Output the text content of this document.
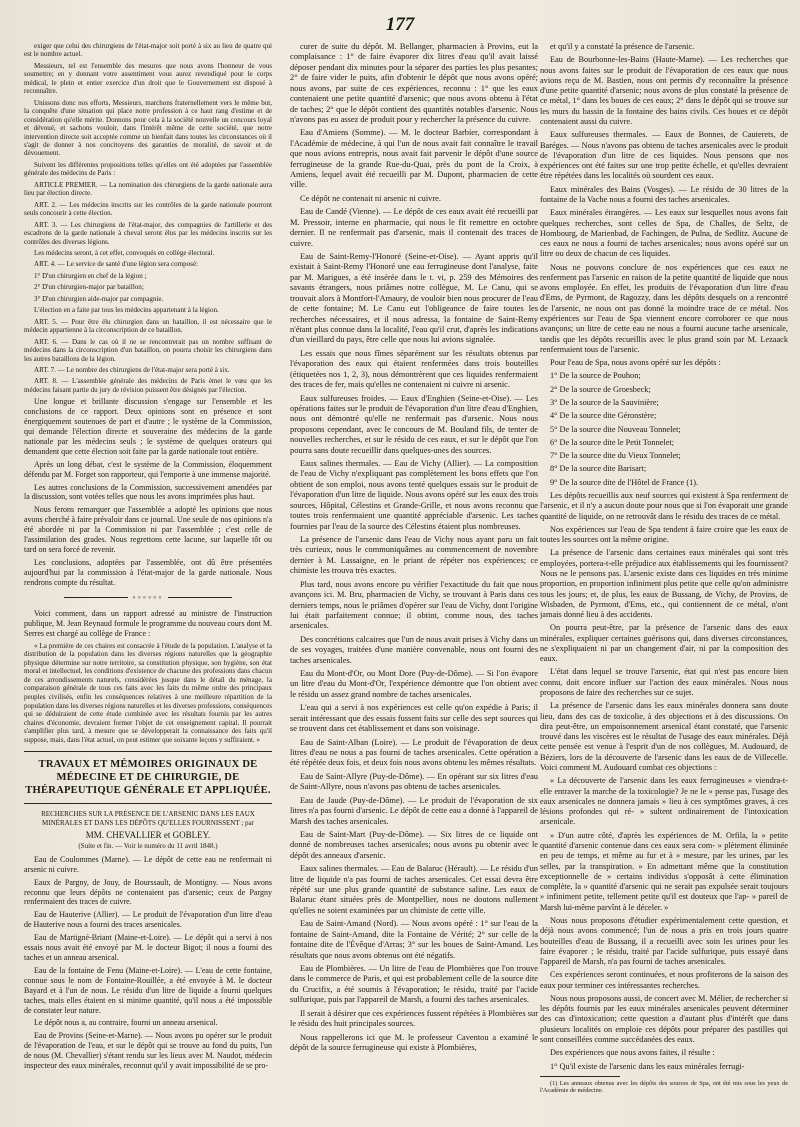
177

exiger que celui des chirurgiens de l'état-major soit porté à six au lieu de quatre qui est le nombre actuel.

Messieurs, tel est l'ensemble des mesures que nous avons l'honneur de vous soumettre; en y donnant votre assentiment vous aurez revendiqué pour le corps médical, le plein et entier exercice d'un droit que le Gouvernement est disposé à reconnaître.

Unissons donc nos efforts, Messieurs, marchons fraternellement vers le même but, la conquête d'une situation qui place notre profession à ce haut rang d'estime et de considération qu'elle mérite. Donnons pour cela à la société nouvelle un concours loyal et dévoué, et sachons vouloir, dans l'intérêt même de cette société, que notre intervention directe soit acceptée comme un bienfait dans toutes les circonstances où il s'agit de donner à nos concitoyens des garanties de moralité, de savoir et de dévouement.

Suivent les différentes propositions telles qu'elles ont été adoptées par l'assemblée générale des médecins de Paris :

ARTICLE PREMIER. — La nomination des chirurgiens de la garde nationale aura lieu par élection directe.

ART. 2. — Les médecins inscrits sur les contrôles de la garde nationale pourront seuls concourir à cette élection.

ART. 3. — Les chirurgiens de l'état-major, des compagnies de l'artillerie et des escadrons de la garde nationale à cheval seront élus par les médecins inscrits sur les contrôles des diverses légions.

Les médecins seront, à cet effet, convoqués en collège électoral.

ART. 4. — Le service de santé d'une légion sera composé:

1° D'un chirurgien en chef de la légion ;

2° D'un chirurgien-major par bataillon;

3° D'un chirurgien aide-major par compagnie.

L'élection en a faite par tous les médecins appartenant à la légion.

ART. 5. — Pour être élu chirurgien dans un bataillon, il est nécessaire que le médecin appartienne à la circonscription de ce bataillon.

ART. 6. — Dans le cas où il ne se rencontrerait pas un nombre suffisant de médecins dans la circonscription d'un bataillon, on pourra choisir les chirurgiens dans les autres bataillons de la légion.

ART. 7. — Le nombre des chirurgiens de l'état-major sera porté à six.

ART. 8. — L'assemblée générale des médecins de Paris émet le vœu que les médecins faisant partie du jury de révision puissent être désignés par l'élection.

Une longue et brillante discussion s'engage sur l'ensemble et les conclusions de ce rapport. Deux opinions sont en présence et sont énergiquement soutenues de part et d'autre ; le système de la Commission, qui demande l'élection directe et souveraine des médecins de la garde nationale par les médecins seuls ; le système de quelques orateurs qui demandent que cette élection soit faite par la garde nationale tout entière.

Après un long débat, c'est le système de la Commission, éloquemment défendu par M. Forget son rapporteur, qui l'emporte à une immense majorité.

Les autres conclusions de la Commission, successivement amendées par la discussion, sont votées telles que nous les avons imprimées plus haut.

Nous ferons remarquer que l'assemblée a adopté les opinions que nous avons cherché à faire prévaloir dans ce journal. Une seule de nos opinions n'a été abordée ni par la Commission ni par l'assemblée ; c'est celle de l'assimilation des grades. Nous regrettons cette lacune, sur laquelle tôt ou tard on sera forcé de revenir.

Les conclusions, adoptées par l'assemblée, ont dû être présentées aujourd'hui par la commission à l'état-major de la garde nationale. Nous rendrons compte du résultat.

◦◦◦◦◦◦

Voici comment, dans un rapport adressé au ministre de l'instruction publique, M. Jean Reynaud formule le programme du nouveau cours dont M. Serres est chargé au collège de France :

« La première de ces chaires est consacrée à l'étude de la population. L'analyse et la distribution de la population dans les diverses régions naturelles que la géographie physique détermine sur notre territoire, sa constitution physique, son hygiène, son état moral et intellectuel, les conditions d'existence de chacune des professions dans chacun de ces arrondissements naturels, considérées jusque dans le détail du ménage, la comparaison générale de tous ces faits avec les faits du même ordre des principaux peuples civilisés, enfin les conséquences relatives à une meilleure répartition de la population dans les diverses régions naturelles et les diverses professions, conséquences qui se déduiraient de cette étude combinée avec les résultats fournis par les autres chaires d'économie, devraient former l'objet de cet enseignement capital. Il pourrait s'amplifier plus tard, à mesure que se développerait la connaissance des faits qu'il suppose, mais, dans l'état actuel, on peut estimer que soixante leçons y suffiraient. »

TRAVAUX ET MÉMOIRES ORIGINAUX DE MÉDECINE ET DE CHIRURGIE, DE THÉRAPEUTIQUE GÉNÉRALE ET APPLIQUÉE.
RECHERCHES SUR LA PRÉSENCE DE L'ARSENIC DANS LES EAUX MINÉRALES ET DANS LES DÉPÔTS QU'ELLES FOURNISSENT ; par
MM. CHEVALLIER et GOBLEY.
(Suite et fin. — Voir le numéro du 11 avril 1848.)

Eau de Coulommes (Marne). — Le dépôt de cette eau ne renfermait ni arsenic ni cuivre.

Eaux de Pargny, de Jouy, de Bourssault, de Montigny. — Nous avons reconnu que leurs dépôts ne contenaient pas d'arsenic; ceux de Pargny renfermaient des traces de cuivre.

Eau de Hauterive (Allier). — Le produit de l'évaporation d'un litre d'eau de Hauterive nous a fourni des traces arsenicales.

Eau de Martigné-Briant (Maine-et-Loire). — Le dépôt qui a servi à nos essais nous avait été envoyé par M. le docteur Bigot; il nous a fourni des taches et un anneau arsenical.

Eau de la fontaine de Fenu (Maine-et-Loire). — L'eau de cette fontaine, connue sous le nom de Fontaine-Rouillée, a été envoyée à M. le docteur Bayard et à l'un de nous. Le résidu d'un litre de liquide a fourni quelques taches, mais elles étaient en si minime quantité, qu'il nous a été impossible de constater leur nature.

Le dépôt nous a, au contraire, fourni un anneau arsenical.

Eau de Provins (Seine-et-Marne). — Nous avons pu opérer sur le produit de l'évaporation de l'eau, et sur le dépôt qui se trouve au fond du puits, l'un de nous (M. Chevallier) s'étant rendu sur les lieux avec M. Naudot, médecin inspecteur des eaux minérales, reconnut qu'il y avait impossibilité de se pro-

curer de suite du dépôt. M. Bellanger, pharmacien à Provins, eut la complaisance : 1° de faire évaporer dix litres d'eau qu'il avait laissé déposer pendant dix minutes pour la séparer des parties les plus pesantes; 2° de faire vider le puits, afin d'obtenir le dépôt que nous avons opéré; nous avons, par suite de ces expériences, reconnu : 1° que les eaux contenaient une petite quantité d'arsenic; que nous avons obtenu à l'état de taches; 2° que le dépôt contient des quantités notables d'arsenic. Nous n'avons pas eu assez de produit pour y rechercher la présence du cuivre.

Eau d'Amiens (Somme). — M. le docteur Barbier, correspondant à l'Académie de médecine, à qui l'un de nous avait fait connaître le travail que nous avions entrepris, nous avait fait parvenir le dépôt d'une source ferrugineuse de la grande Rue-du-Quai, près du pont de la Croix, à Amiens, lequel avait été recueilli par M. Dupont, pharmacien de cette ville.

Ce dépôt ne contenait ni arsenic ni cuivre.

Eau de Candé (Vienne). — Le dépôt de ces eaux avait été recueilli par M. Pressoir, interne en pharmacie, qui nous le fit remettre en octobre dernier. Il ne renfermait pas d'arsenic, mais il contenait des traces de cuivre.

Eau de Saint-Remy-l'Honoré (Seine-et-Oise). — Ayant appris qu'il existait à Saint-Remy l'Honoré une eau ferrugineuse dont l'analyse, faite par M. Marigues, a été insérée dans le t. vi, p. 259 des Mémoires des savants étrangers, nous priâmes notre collègue, M. Le Canu, qui se trouvait alors à Montfort-l'Amaury, de vouloir bien nous procurer de l'eau de cette fontaine; M. Le Canu eut l'obligeance de faire toutes les recherches nécessaires, et il nous adressa, la fontaine de Saint-Remy n'étant plus connue dans la localité, l'eau qu'il crut, d'après les indications d'un vieillard du pays, être celle que nous lui avions signalée.

Les essais que nous fîmes séparément sur les résultats obtenus par l'évaporation des eaux qui étaient renfermées dans trois bouteilles (étiquetées nos 1, 2, 3), nous démontrèrent que ces liquides renfermaient des traces de fer, mais qu'elles ne contenaient ni cuivre ni arsenic.

Eaux sulfureuses froides. — Eaux d'Enghien (Seine-et-Oise). — Les opérations faites sur le produit de l'évaporation d'un litre d'eau d'Enghien, nous ont démontré qu'elle ne renfermait pas d'arsenic. Nous nous proposons cependant, avec le concours de M. Bouland fils, de tenter de nouvelles recherches, et sur le résidu de ces eaux, et sur le dépôt que l'on pourra sans doute recueillir dans quelques-unes des sources.

Eaux salines thermales. — Eau de Vichy (Allier). — La composition de l'eau de Vichy n'expliquant pas complètement les bons effets que l'on obtient de son emploi, nous avons tenté quelques essais sur le produit de l'évaporation d'un litre de liquide. Nous avons opéré sur les eaux des trois sources, Hôpital, Célestins et Grande-Grille, et nous avons reconnu que toutes trois renfermaient une quantité appréciable d'arsenic. Les taches fournies par l'eau de la source des Célestins étaient plus nombreuses.

La présence de l'arsenic dans l'eau de Vichy nous ayant paru un fait très curieux, nous le communiquâmes au commencement de novembre dernier à M. Lassaigne, en le priant de répéter nos expériences; ce chimiste les trouva très exactes.

Plus tard, nous avons encore pu vérifier l'exactitude du fait que nous avançons ici. M. Bru, pharmacien de Vichy, se trouvant à Paris dans ces derniers temps, nous le priâmes d'opérer sur l'eau de Vichy, dont l'origine lui était parfaitement connue; il obtint, comme nous, des taches arsenicales.

Des concrétions calcaires que l'un de nous avait prises à Vichy dans un de ses voyages, traitées d'une manière convenable, nous ont fourni des taches arsenicales.

Eau du Mont-d'Or, ou Mont Dore (Puy-de-Dôme). — Si l'on évapore un litre d'eau du Mont-d'Or, l'expérience démontre que l'on obtient avec le résidu un assez grand nombre de taches arsenicales.

L'eau qui a servi à nos expériences est celle qu'on expédie à Paris; il serait intéressant que des essais fussent faits sur celle des sept sources qui se trouvent dans cet établissement et dans son voisinage.

Eau de Saint-Alban (Loire). — Le produit de l'évaporation de deux litres d'eau ne nous a pas fourni de taches arsenicales. Cette opération a été répétée deux fois, et deux fois nous avons obtenu les mêmes résultats.

Eau de Saint-Allyre (Puy-de-Dôme). — En opérant sur six litres d'eau de Saint-Allyre, nous n'avons pas obtenu de taches arsenicales.

Eau de Jaude (Puy-de-Dôme). — Le produit de l'évaporation de six litres n'a pas fourni d'arsenic. Le dépôt de cette eau a donné à l'appareil de Marsh des taches arsenicales.

Eau de Saint-Mart (Puy-de-Dôme). — Six litres de ce liquide ont donné de nombreuses taches arsenicales; nous avons pu obtenir avec le dépôt des anneaux d'arsenic.

Eaux salines thermales. — Eau de Balaruc (Hérault). — Le résidu d'un litre de liquide n'a pas fourni de taches arsenicales. Cet essai devra être répété sur une plus grande quantité de substance saline. Les eaux de Balaruc étant situées près de Montpellier, nous ne doutons nullement qu'elles ne soient examinées par un chimiste de cette ville.

Eau de Saint-Amand (Nord). — Nous avons opéré : 1° sur l'eau de la fontaine de Saint-Amand, dite la Fontaine de Vérité; 2° sur celle de la fontaine dite de l'Évêque d'Arras; 3° sur les boues de Saint-Amand. Les résultats que nous avons obtenus ont été négatifs.

Eau de Plombières. — Un litre de l'eau de Plombières que l'on trouve dans le commerce de Paris, et qui est probablement celle de la source dite du Crucifix, a été soumis à l'évaporation; le résidu, traité par l'acide sulfurique, puis par l'appareil de Marsh, a fourni des taches arsenicales.

Il serait à désirer que ces expériences fussent répétées à Plombières sur le résidu des huit principales sources.

Nous rappellerons ici que M. le professeur Caventou a examiné le dépôt de la source ferrugineuse qui existe à Plombières,

et qu'il y a constaté la présence de l'arsenic.

Eau de Bourbonne-les-Bains (Haute-Marne). — Les recherches que nous avons faites sur le produit de l'évaporation de ces eaux que nous avions reçu de M. Bastien, nous ont permis d'y reconnaître la présence d'une petite quantité d'arsenic; nous avons de plus constaté la présence de ce métal, 1° dans les boues de ces eaux; 2° dans le dépôt qui se trouve sur les murs du bassin de la fontaine des bains civils. Ces boues et ce dépôt contenaient aussi du cuivre.

Eaux sulfureuses thermales. — Eaux de Bonnes, de Cauterets, de Baréges. — Nous n'avons pas obtenu de taches arsenicales avec le produit de l'évaporation d'un litre de ces liquides. Nous pensons que nos expériences ont été faites sur une trop petite échelle, et qu'elles devraient être répétées dans les localités où sourdent ces eaux.

Eaux minérales des Bains (Vosges). — Le résidu de 30 litres de la fontaine de la Vache nous a fourni des taches arsenicales.

Eaux minérales étrangères. — Les eaux sur lesquelles nous avons fait quelques recherches, sont celles de Spa, de Challes, de Seltz, de Hombourg, de Marienbad, de Fachingen, de Pulna, de Sedlitz. Aucune de ces eaux ne nous a fourni de taches arsenicales; nous avons opéré sur un litre ou deux de chacun de ces liquides.

Nous ne pouvons conclure de nos expériences que ces eaux ne renferment pas l'arsenic en raison de la petite quantité de liquide que nous avons employée. En effet, les produits de l'évaporation d'un litre d'eau d'Ems, de Pyrmont, de Ragozzy, dans les dépôts desquels on a rencontré de l'arsenic, ne nous ont pas donné la moindre trace de ce métal. Nos expériences sur l'eau de Spa viennent encore corroborer ce que nous avançons; un litre de cette eau ne nous a fourni aucune tache arsenicale, tandis que les dépôts recueillis avec le plus grand soin par M. Lezaack renfermaient tous de l'arsenic.

Pour l'eau de Spa, nous avons opéré sur les dépôts :

1° De la source de Pouhon;

2° De la source de Groesbeck;

3° De la source de la Sauvinière;

4° De la source dite Géronstère;

5° De la source dite Nouveau Tonnelet;

6° De la source dite le Petit Tonnelet;

7° De la source dite du Vieux Tonnelet;

8° De la source dite Barisart;

9° De la source dite de l'Hôtel de France (1).

Les dépôts recueillis aux neuf sources qui existent à Spa renferment de l'arsenic, et il n'y a aucun doute pour nous que si l'on évaporait une grande quantité de liquide, on ne retrouvât dans le résidu des traces de ce métal.

Nos expériences sur l'eau de Spa tendent à faire croire que les eaux de toutes les sources ont la même origine.

La présence de l'arsenic dans certaines eaux minérales qui sont très employées, portera-t-elle préjudice aux établissements qui les fournissent? Nous ne le pensons pas. L'arsenic existe dans ces liquides en très minime proportion, en proportion infiniment plus petite que celle qu'on administre tous les jours; et, de plus, les eaux de Bussang, de Vichy, de Provins, de Wisbaden, de Pyrmont, d'Ems, etc., qui contiennent de ce métal, n'ont jamais donné lieu à des accidents.

On pourra peut-être, par la présence de l'arsenic dans des eaux minérales, expliquer certaines guérisons qui, dans diverses circonstances, ne s'expliquaient ni par un changement d'air, ni par la composition des eaux.

L'état dans lequel se trouve l'arsenic, état qui n'est pas encore bien connu, doit encore influer sur l'action des eaux minérales. Nous nous proposons de faire des recherches sur ce sujet.

La présence de l'arsenic dans les eaux minérales donnera sans doute lieu, dans des cas de toxicolie, à des objections et à des discussions. On dira peut-être, un empoisonnement arsenical étant constaté, que l'arsenic trouvé dans les viscères est le résultat de l'usage des eaux minérales. Déjà cette pensée est venue à l'esprit d'un de nos collègues, M. Audouard, de Béziers, lors de la découverte de l'arsenic dans les eaux de de Villecelle. Voici comment M. Audouard combat ces objections :

« La découverte de l'arsenic dans les eaux ferrugineuses » viendra-t-elle entraver la marche de la toxicologie? Je ne le » pense pas, l'usage des eaux arsenicales ne donnera jamais » lieu à ces symptômes graves, à ces lésions profondes qui ré- » sultent ordinairement de l'intoxication arsenicale.

» D'un autre côté, d'après les expériences de M. Orfila, la » petite quantité d'arsenic contenue dans ces eaux sera com- » plètement éliminée en peu de temps, et même au fur et à » mesure, par les urines, par les selles, par la transpiration. » En admettant même que la constitution exceptionnelle de » certains individus s'opposât à cette élimination complète, la » quantité d'arsenic qui ne serait pas expulsée serait toujours » infiniment petite, tellement petite qu'il est douteux que l'ap- » pareil de Marsh lui-même parvînt à le déceler. »

Nous nous proposons d'étudier expérimentalement cette question, et déjà nous avons commencé; l'un de nous a pris en trois jours quatre bouteilles d'eau de Bussang, il a recueilli avec soin les urines pour les faire évaporer ; le résidu, traité par l'acide sulfurique, puis essayé dans l'appareil de Marsh, n'a pas fourni de taches arsenicales.

Ces expériences seront continuées, et nous profiterons de la saison des eaux pour terminer ces intéressantes recherches.

Nous nous proposons aussi, de concert avec M. Mélier, de rechercher si les dépôts fournis par les eaux minérales arsenicales peuvent déterminer des cas d'intoxication; cette question a d'autant plus d'intérêt que dans plusieurs localités on emploie ces dépôts pour préparer des pastilles qui sont conseillées comme succédanées des eaux.

Des expériences que nous avons faites, il résulte :

1° Qu'il existe de l'arsenic dans les eaux minérales ferrugi-

(1) Les anneaux obtenus avec les dépôts des sources de Spa, ont été mis sous les yeux de l'Académie de médecine.
